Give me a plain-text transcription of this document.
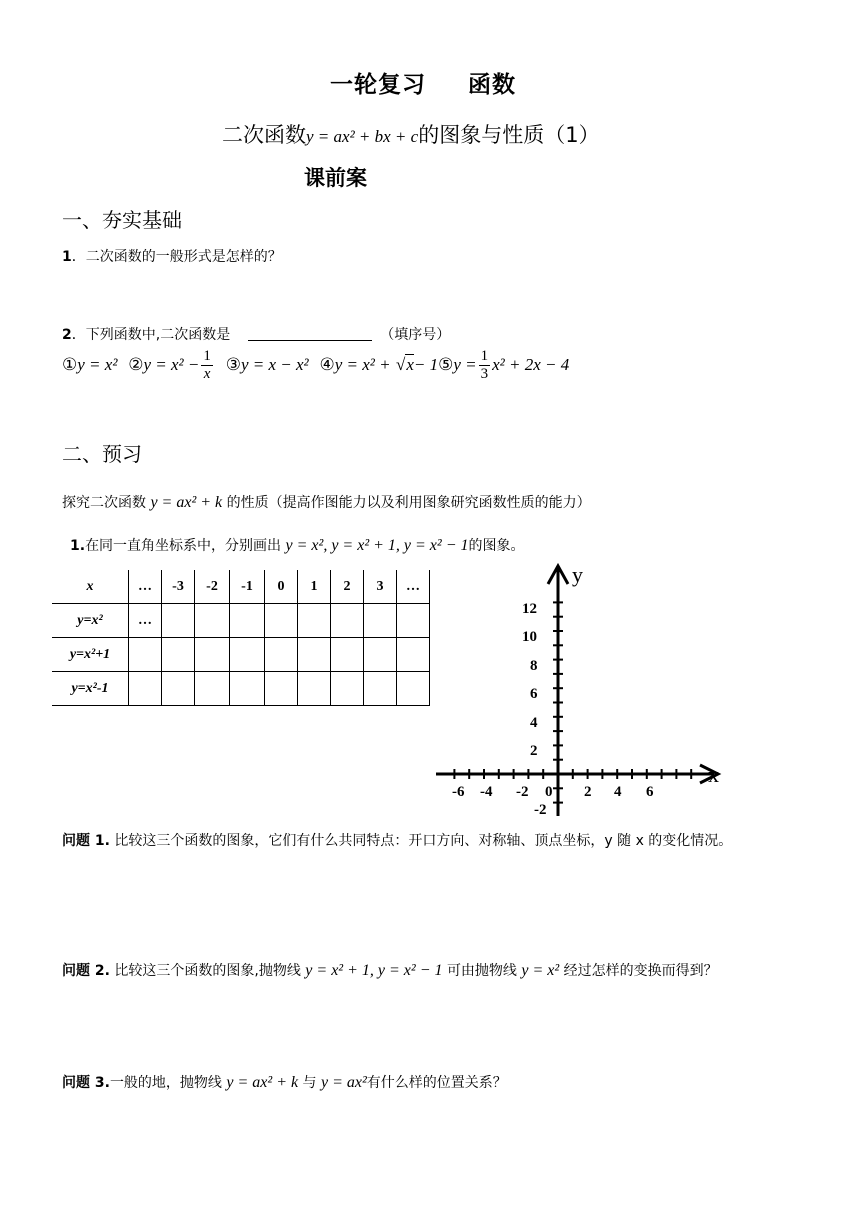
一轮复习 函数
二次函数y = ax² + bx + c的图象与性质（1）
课前案
一、夯实基础
1．二次函数的一般形式是怎样的？
2．下列函数中,二次函数是	（填序号）
①y = x² ②y = $x^2 - \frac{1}{x}$ ③y = x − x² ④y = x² + √x− 1⑤y = $\frac{1}{3} x^2 + 2x - 4$
二、预习
探究二次函数 y = ax² + k 的性质（提高作图能力以及利用图象研究函数性质的能力）
1.在同一直角坐标系中，分别画出 y = x², y = x² + 1, y = x² − 1的图象。
x	…	-3	-2	-1	0	1	2	3	…
y=x²	…								
y=x²+1									
y=x²-1									
x
y
-6 -4 -2 0 2 4 6
12
10
8
6
4
2
-2
问题 1. 比较这三个函数的图象，它们有什么共同特点：开口方向、对称轴、顶点坐标，y 随 x 的变化情况。
问题 2. 比较这三个函数的图象,抛物线 y = x² + 1, y = x² − 1 可由抛物线 y = x² 经过怎样的变换而得到？
问题 3.一般的地，抛物线 y = ax² + k 与 y = ax²有什么样的位置关系？
